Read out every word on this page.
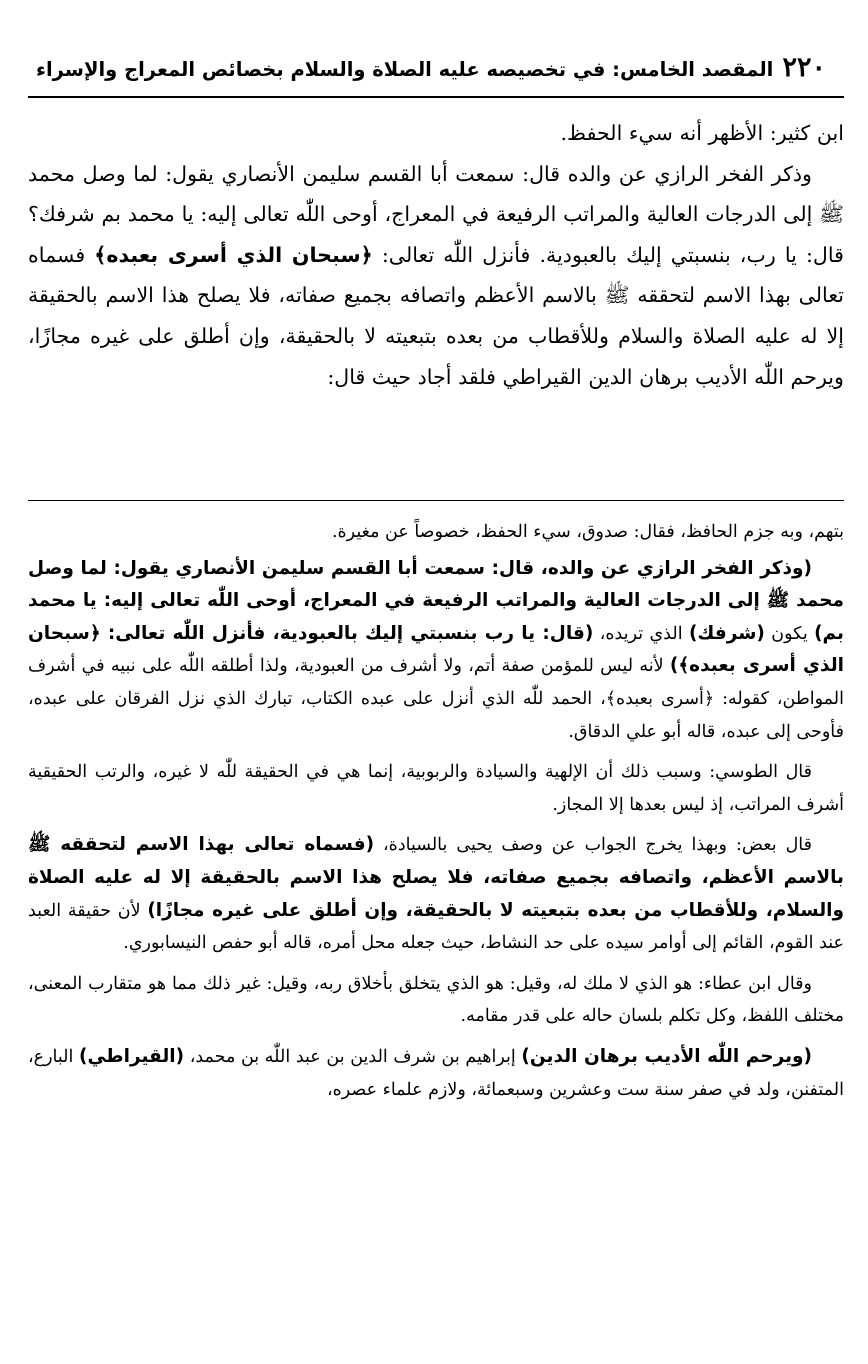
٢٢٠
المقصد الخامس: في تخصيصه عليه الصلاة والسلام بخصائص المعراج والإسراء

ابن كثير: الأظهر أنه سيء الحفظ.

وذكر الفخر الرازي عن والده قال: سمعت أبا القسم سليمن الأنصاري يقول: لما وصل محمد ﷺ إلى الدرجات العالية والمراتب الرفيعة في المعراج، أوحى اللّٰه تعالى إليه: يا محمد بم شرفك؟ قال: يا رب، بنسبتي إليك بالعبودية. فأنزل اللّٰه تعالى: ﴿سبحان الذي أسرى بعبده﴾ فسماه تعالى بهذا الاسم لتحققه ﷺ بالاسم الأعظم واتصافه بجميع صفاته، فلا يصلح هذا الاسم بالحقيقة إلا له عليه الصلاة والسلام وللأقطاب من بعده بتبعيته لا بالحقيقة، وإن أطلق على غيره مجازًا، ويرحم اللّٰه الأديب برهان الدين القيراطي فلقد أجاد حيث قال:

بتهم، وبه جزم الحافظ، فقال: صدوق، سيء الحفظ، خصوصاً عن مغيرة.

(وذكر الفخر الرازي عن والده، قال: سمعت أبا القسم سليمن الأنصاري يقول: لما وصل محمد ﷺ إلى الدرجات العالية والمراتب الرفيعة في المعراج، أوحى اللّٰه تعالى إليه: يا محمد بم) يكون (شرفك) الذي تريده، (قال: يا رب بنسبتي إليك بالعبودية، فأنزل اللّٰه تعالى: ﴿سبحان الذي أسرى بعبده﴾) لأنه ليس للمؤمن صفة أتم، ولا أشرف من العبودية، ولذا أطلقه اللّٰه على نبيه في أشرف المواطن، كقوله: ﴿أسرى بعبده﴾، الحمد للّٰه الذي أنزل على عبده الكتاب، تبارك الذي نزل الفرقان على عبده، فأوحى إلى عبده، قاله أبو علي الدقاق.

قال الطوسي: وسبب ذلك أن الإلهية والسيادة والربوبية، إنما هي في الحقيقة للّٰه لا غيره، والرتب الحقيقية أشرف المراتب، إذ ليس بعدها إلا المجاز.

قال بعض: وبهذا يخرج الجواب عن وصف يحيى بالسيادة، (فسماه تعالى بهذا الاسم لتحققه ﷺ بالاسم الأعظم، واتصافه بجميع صفاته، فلا يصلح هذا الاسم بالحقيقة إلا له عليه الصلاة والسلام، وللأقطاب من بعده بتبعيته لا بالحقيقة، وإن أطلق على غيره مجازًا) لأن حقيقة العبد عند القوم، القائم إلى أوامر سيده على حد النشاط، حيث جعله محل أمره، قاله أبو حفص النيسابوري.

وقال ابن عطاء: هو الذي لا ملك له، وقيل: هو الذي يتخلق بأخلاق ربه، وقيل: غير ذلك مما هو متقارب المعنى، مختلف اللفظ، وكل تكلم بلسان حاله على قدر مقامه.

(ويرحم اللّٰه الأديب برهان الدين) إبراهيم بن شرف الدين بن عبد اللّٰه بن محمد، (القيراطي) البارع، المتفنن، ولد في صفر سنة ست وعشرين وسبعمائة، ولازم علماء عصره،
